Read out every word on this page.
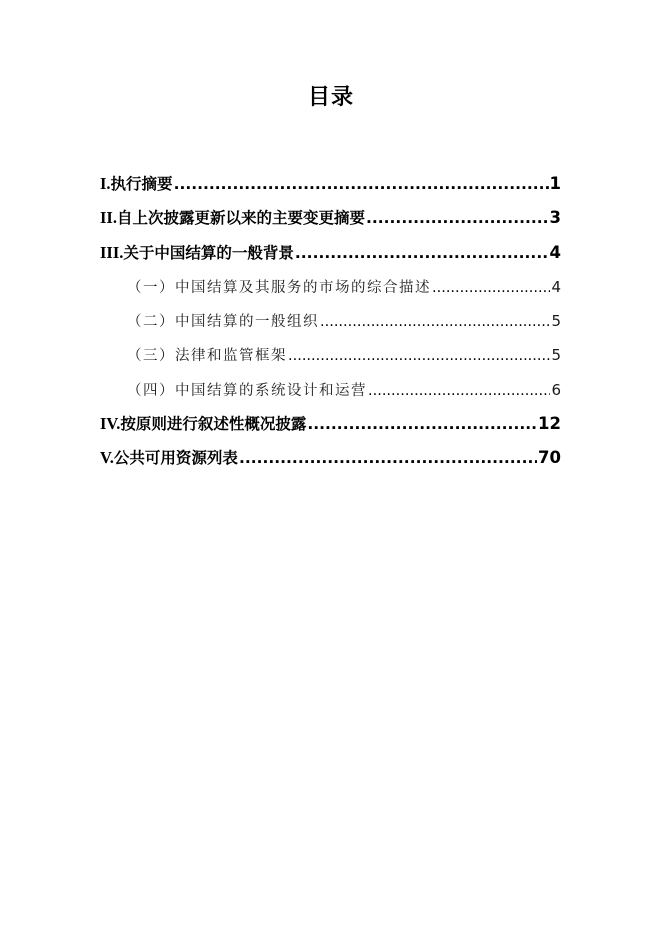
目录
I.执行摘要 .....	1
II.自上次披露更新以来的主要变更摘要 .....	3
III.关于中国结算的一般背景 .....	4
（一）中国结算及其服务的市场的综合描述 .....	4
（二）中国结算的一般组织 .....	5
（三）法律和监管框架 .....	5
（四）中国结算的系统设计和运营 .....	6
IV.按原则进行叙述性概况披露 .....	12
V.公共可用资源列表 .....	70
